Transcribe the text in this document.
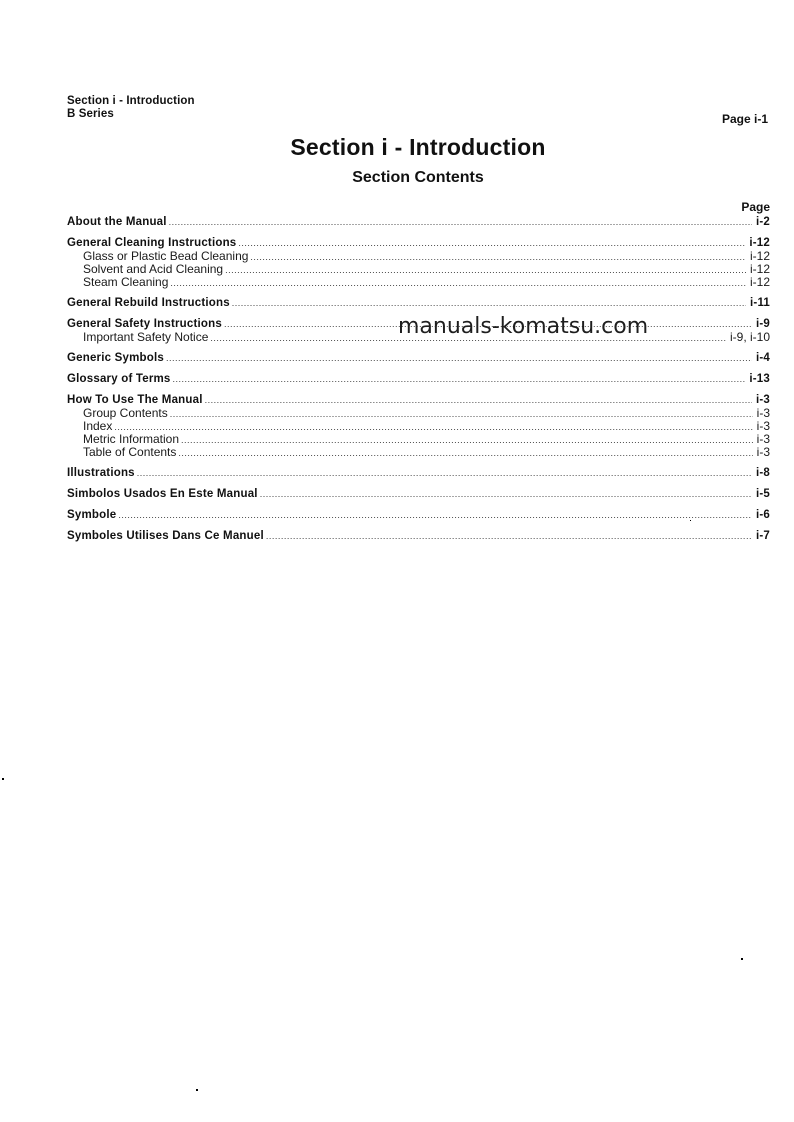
Section i - Introduction
B Series	Page i-1
Section i - Introduction
Section Contents
Page
About the Manual .....	i-2
General Cleaning Instructions .....	i-12
Glass or Plastic Bead Cleaning .....	i-12
Solvent and Acid Cleaning .....	i-12
Steam Cleaning .....	i-12
General Rebuild Instructions .....	i-11
General Safety Instructions .....	i-9
Important Safety Notice .....	i-9, i-10
Generic Symbols .....	i-4
Glossary of Terms .....	i-13
How To Use The Manual .....	i-3
Group Contents .....	i-3
Index .....	i-3
Metric Information .....	i-3
Table of Contents .....	i-3
Illustrations .....	i-8
Simbolos Usados En Este Manual .....	i-5
Symbole .....	i-6
Symboles Utilises Dans Ce Manuel .....	i-7
manuals-komatsu.com
